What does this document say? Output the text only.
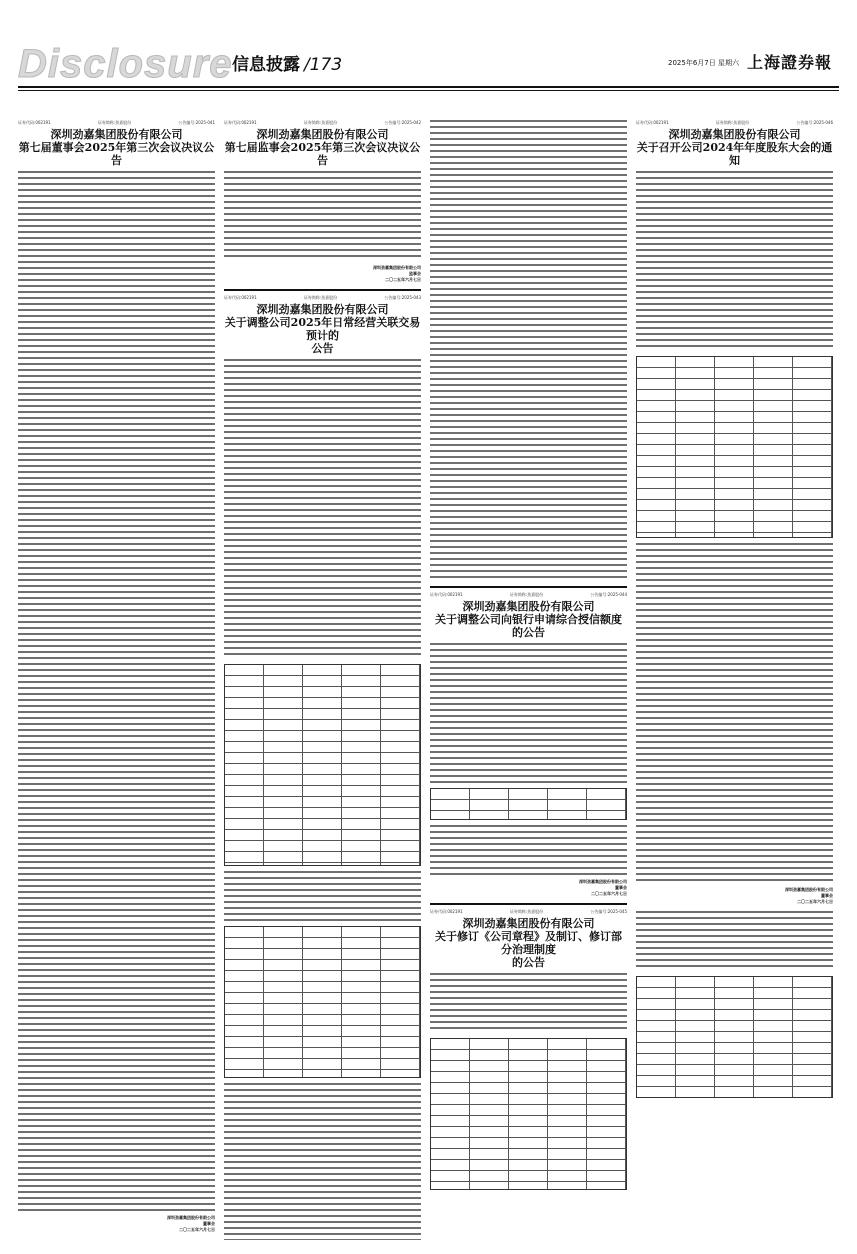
Disclosure 信息披露 /173	2025年6月7日 星期六 上海證券報
证券代码:002191	证券简称:劲嘉股份	公告编号:2025-041
深圳劲嘉集团股份有限公司
第七届董事会2025年第三次会议决议公告
深圳劲嘉集团股份有限公司
董事会
二〇二五年六月七日
证券代码:002191	证券简称:劲嘉股份	公告编号:2025-042
深圳劲嘉集团股份有限公司
第七届监事会2025年第三次会议决议公告
深圳劲嘉集团股份有限公司
监事会
二〇二五年六月七日
证券代码:002191	证券简称:劲嘉股份	公告编号:2025-043
深圳劲嘉集团股份有限公司
关于调整公司2025年日常经营关联交易预计的
公告
证券代码:002191	证券简称:劲嘉股份	公告编号:2025-044
深圳劲嘉集团股份有限公司
关于调整公司向银行申请综合授信额度的公告
深圳劲嘉集团股份有限公司
董事会
二〇二五年六月七日
证券代码:002191	证券简称:劲嘉股份	公告编号:2025-045
深圳劲嘉集团股份有限公司
关于修订《公司章程》及制订、修订部分治理制度
的公告
证券代码:002191	证券简称:劲嘉股份	公告编号:2025-046
深圳劲嘉集团股份有限公司
关于召开公司2024年年度股东大会的通知
深圳劲嘉集团股份有限公司
董事会
二〇二五年六月七日
